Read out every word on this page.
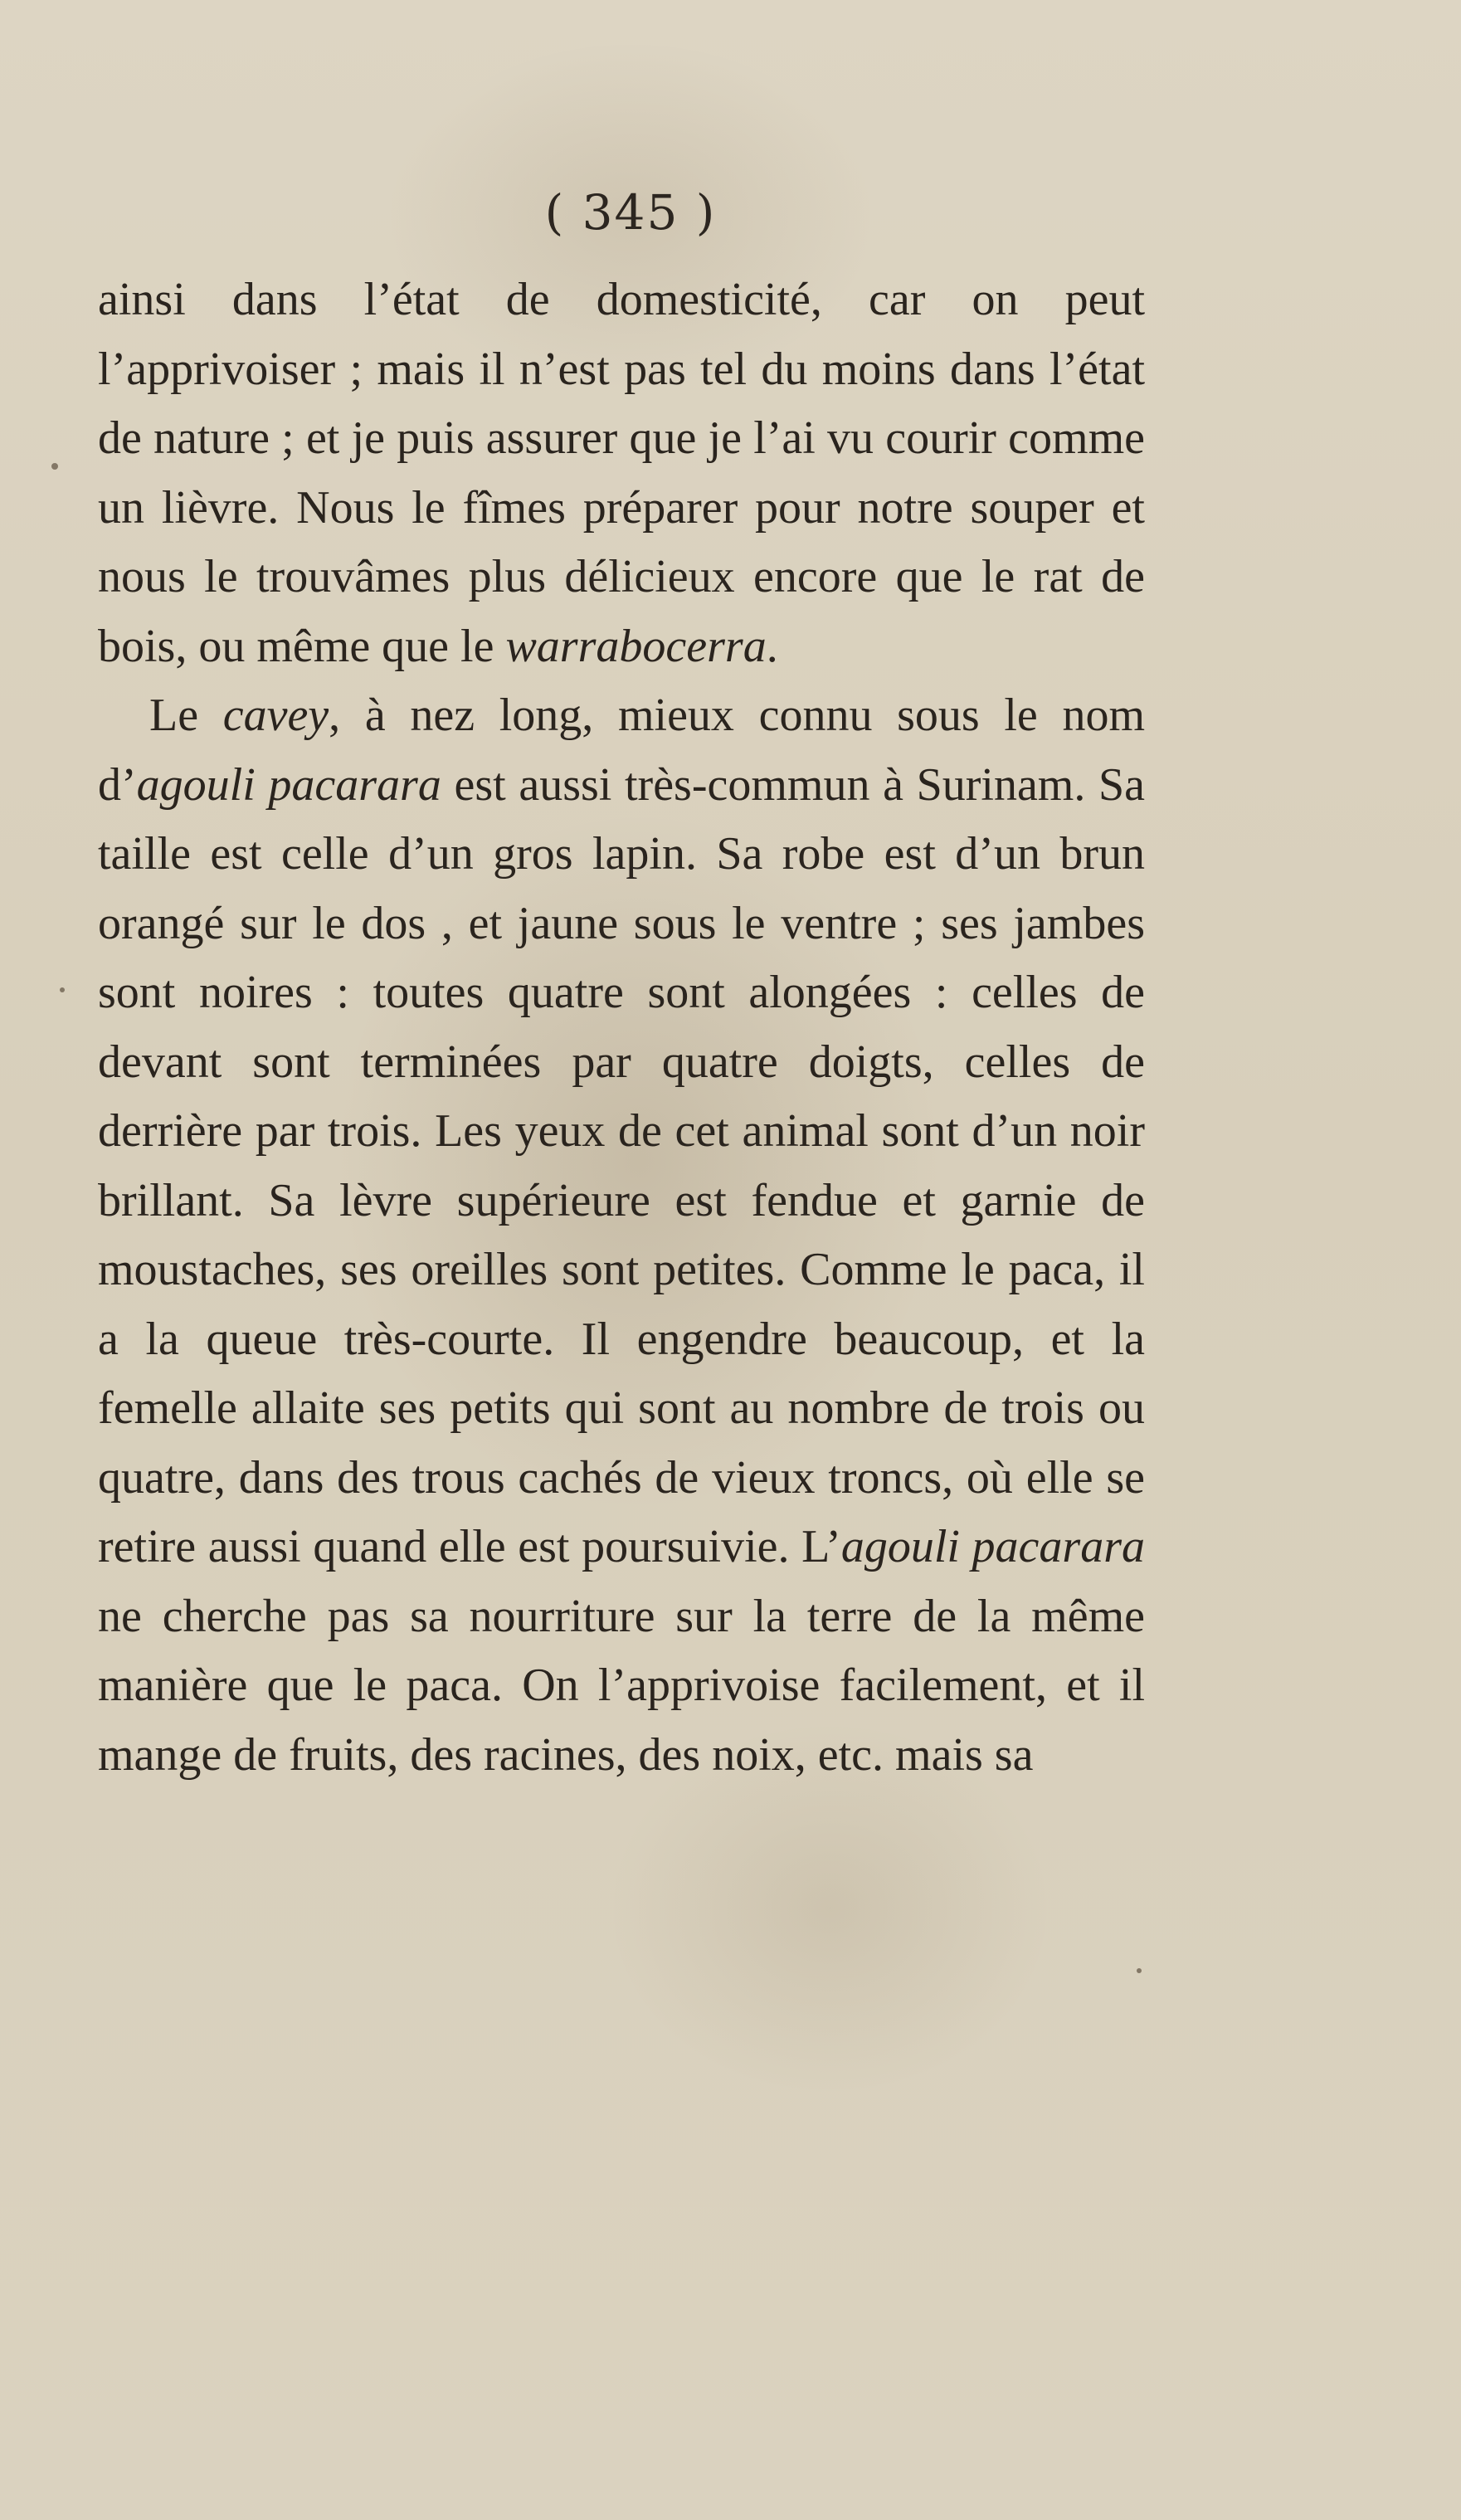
( 345 )

ainsi dans l’état de domesticité, car on peut l’apprivoiser ; mais il n’est pas tel du moins dans l’état de nature ; et je puis assurer que je l’ai vu courir comme un lièvre. Nous le fîmes préparer pour notre souper et nous le trouvâmes plus délicieux encore que le rat de bois, ou même que le warrabocerra.

Le cavey, à nez long, mieux connu sous le nom d’agouli pacarara est aussi très-commun à Surinam. Sa taille est celle d’un gros lapin. Sa robe est d’un brun orangé sur le dos , et jaune sous le ventre ; ses jambes sont noires : toutes quatre sont alongées : celles de devant sont terminées par quatre doigts, celles de derrière par trois. Les yeux de cet animal sont d’un noir brillant. Sa lèvre supérieure est fendue et garnie de moustaches, ses oreilles sont petites. Comme le paca, il a la queue très-courte. Il engendre beaucoup, et la femelle allaite ses petits qui sont au nombre de trois ou quatre, dans des trous cachés de vieux troncs, où elle se retire aussi quand elle est poursuivie. L’agouli pacarara ne cherche pas sa nourriture sur la terre de la même manière que le paca. On l’apprivoise facilement, et il mange de fruits, des racines, des noix, etc. mais sa
